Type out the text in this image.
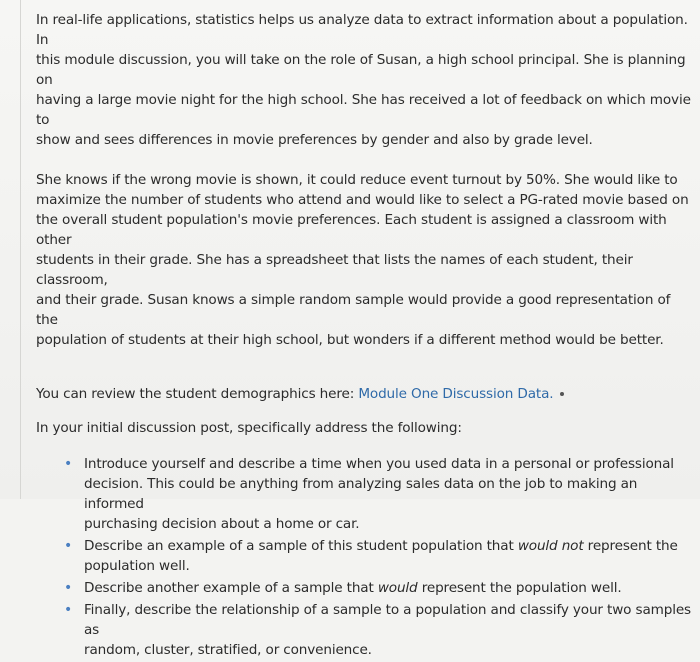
In real-life applications, statistics helps us analyze data to extract information about a population. In
this module discussion, you will take on the role of Susan, a high school principal. She is planning on
having a large movie night for the high school. She has received a lot of feedback on which movie to
show and sees differences in movie preferences by gender and also by grade level.

She knows if the wrong movie is shown, it could reduce event turnout by 50%. She would like to
maximize the number of students who attend and would like to select a PG-rated movie based on
the overall student population's movie preferences. Each student is assigned a classroom with other
students in their grade. She has a spreadsheet that lists the names of each student, their classroom,
and their grade. Susan knows a simple random sample would provide a good representation of the
population of students at their high school, but wonders if a different method would be better.

You can review the student demographics here: Module One Discussion Data.

In your initial discussion post, specifically address the following:

• Introduce yourself and describe a time when you used data in a personal or professional
decision. This could be anything from analyzing sales data on the job to making an informed
purchasing decision about a home or car.
• Describe an example of a sample of this student population that would not represent the
population well.
• Describe another example of a sample that would represent the population well.
• Finally, describe the relationship of a sample to a population and classify your two samples as
random, cluster, stratified, or convenience.
